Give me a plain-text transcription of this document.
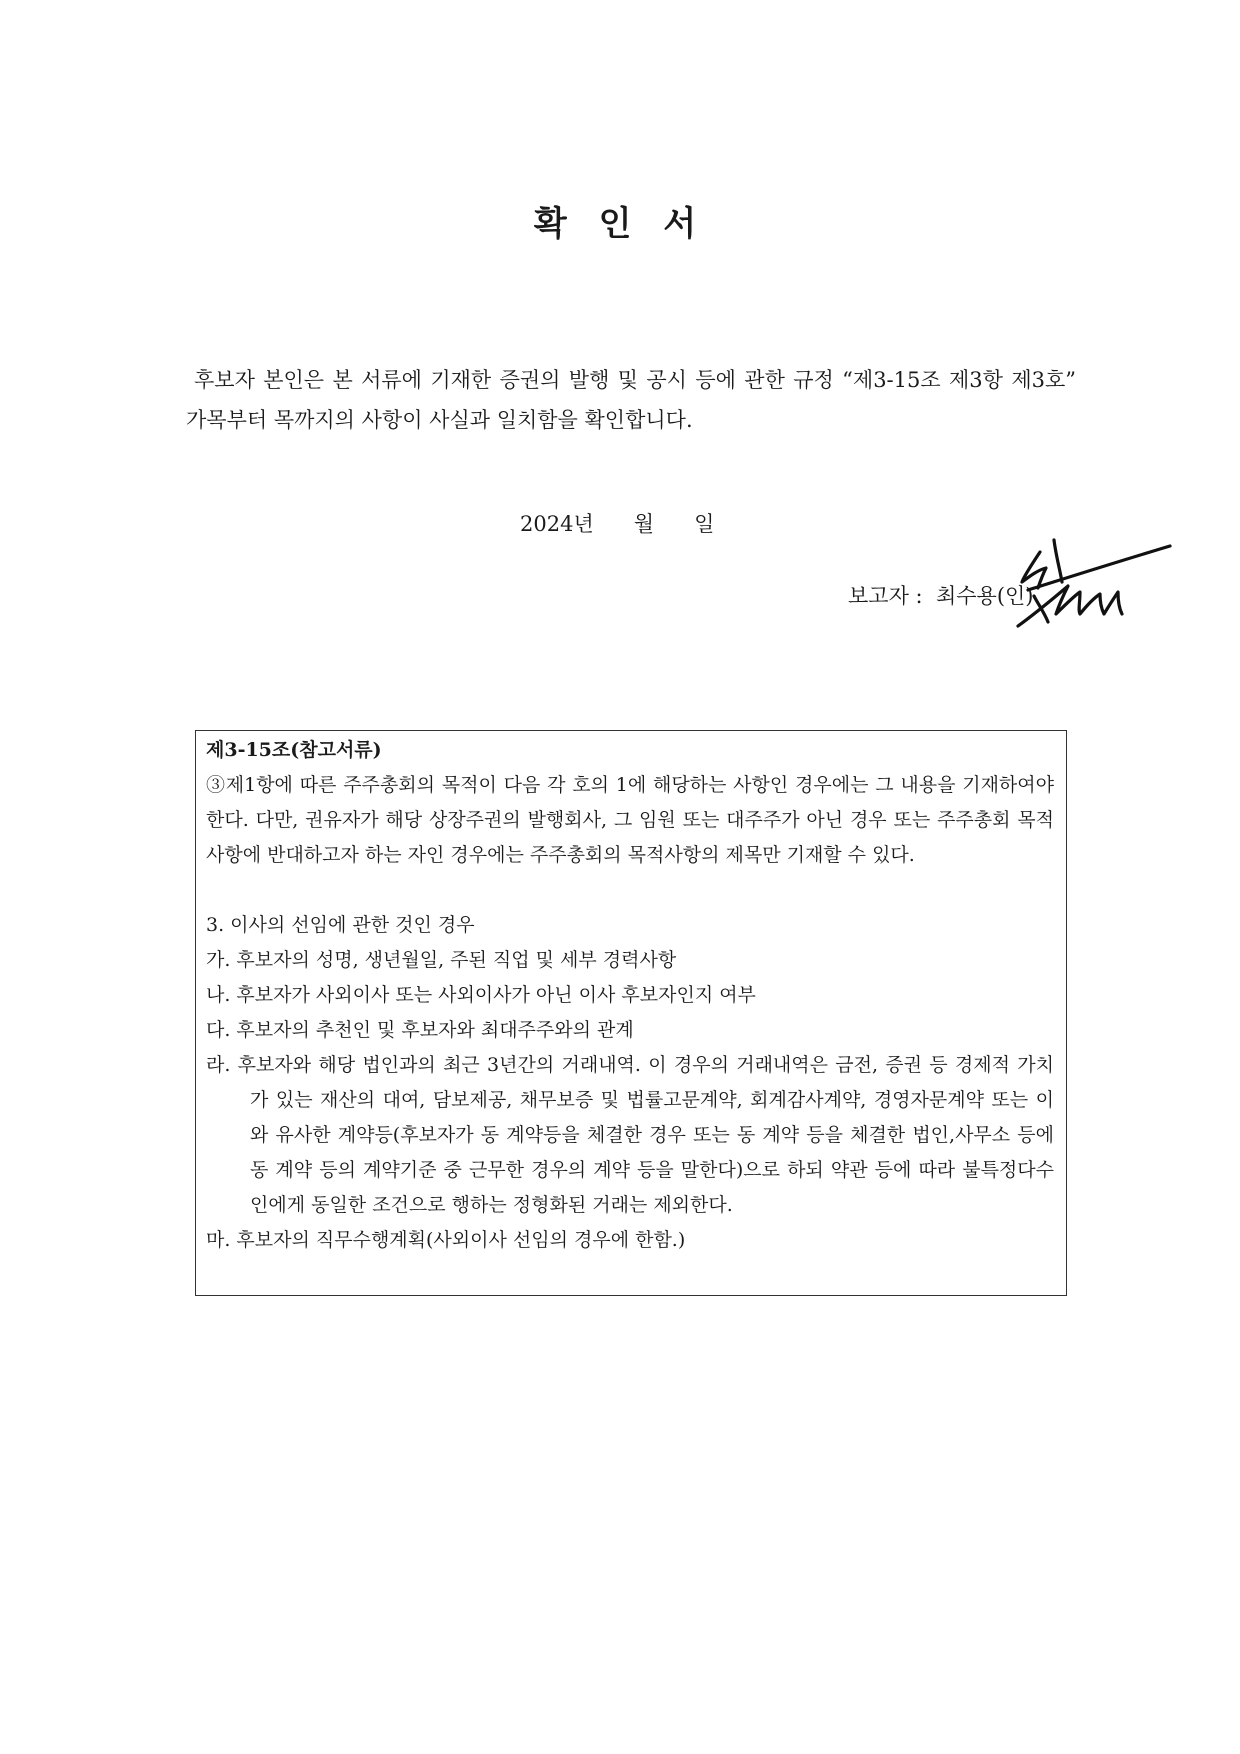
확 인 서

후보자 본인은 본 서류에 기재한 증권의 발행 및 공시 등에 관한 규정 “제3-15조 제3항 제3호” 가목부터 목까지의 사항이 사실과 일치함을 확인합니다.

2024년      월      일
보고자 : 최수용(인)

제3-15조(참고서류)

③제1항에 따른 주주총회의 목적이 다음 각 호의 1에 해당하는 사항인 경우에는 그 내용을 기재하여야 한다. 다만, 권유자가 해당 상장주권의 발행회사, 그 임원 또는 대주주가 아닌 경우 또는 주주총회 목적사항에 반대하고자 하는 자인 경우에는 주주총회의 목적사항의 제목만 기재할 수 있다.

3. 이사의 선임에 관한 것인 경우

가. 후보자의 성명, 생년월일, 주된 직업 및 세부 경력사항

나. 후보자가 사외이사 또는 사외이사가 아닌 이사 후보자인지 여부

다. 후보자의 추천인 및 후보자와 최대주주와의 관계

라. 후보자와 해당 법인과의 최근 3년간의 거래내역. 이 경우의 거래내역은 금전, 증권 등 경제적 가치가 있는 재산의 대여, 담보제공, 채무보증 및 법률고문계약, 회계감사계약, 경영자문계약 또는 이와 유사한 계약등(후보자가 동 계약등을 체결한 경우 또는 동 계약 등을 체결한 법인,사무소 등에 동 계약 등의 계약기준 중 근무한 경우의 계약 등을 말한다)으로 하되 약관 등에 따라 불특정다수인에게 동일한 조건으로 행하는 정형화된 거래는 제외한다.

마. 후보자의 직무수행계획(사외이사 선임의 경우에 한함.)
